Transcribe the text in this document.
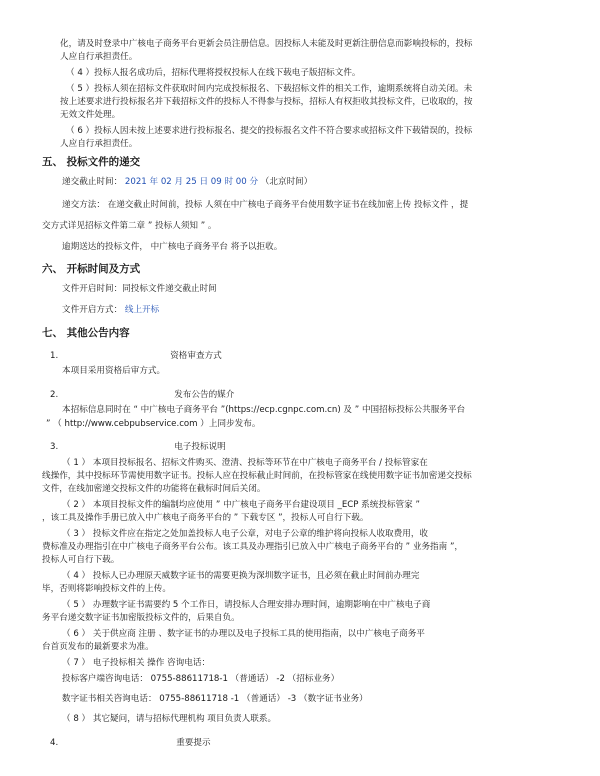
化，请及时登录中广核电子商务平台更新会员注册信息。因投标人未能及时更新注册信息而影响投标的，投标
人应自行承担责任。
（ 4 ）投标人报名成功后，招标代理将授权投标人在线下载电子版招标文件。
（ 5 ）投标人须在招标文件获取时间内完成投标报名、下载招标文件的相关工作，逾期系统将自动关闭。未
按上述要求进行投标报名并下载招标文件的投标人不得参与投标，招标人有权拒收其投标文件，已收取的，按
无效文件处理。
（ 6 ）投标人因未按上述要求进行投标报名、提交的投标报名文件不符合要求或招标文件下载错误的，投标
人应自行承担责任。
五、 投标文件的递交
递交截止时间： 2021 年 02 月 25 日 09 时 00 分 （北京时间）
递交方法： 在递交截止时间前，投标 人须在中广核电子商务平台使用数字证书在线加密上传 投标文件 ，提
交方式详见招标文件第二章 ” 投标人须知 ” 。
逾期送达的投标文件， 中广核电子商务平台 将予以拒收。
六、 开标时间及方式
文件开启时间：同投标文件递交截止时间
文件开启方式： 线上开标
七、 其他公告内容
1.	资格审查方式
本项目采用资格后审方式。
2.	发布公告的媒介
本招标信息同时在 “ 中广核电子商务平台 ”(https://ecp.cgnpc.com.cn) 及 ” 中国招标投标公共服务平台
” （ http://www.cebpubservice.com ）上同步发布。
3.	电子投标说明
（ 1 ） 本项目投标报名、招标文件购买、澄清、投标等环节在中广核电子商务平台 / 投标管家在
线操作，其中投标环节需使用数字证书。投标人应在投标截止时间前，在投标管家在线使用数字证书加密递交投标
文件，在线加密递交投标文件的功能将在截标时间后关闭。
（ 2 ） 本项目投标文件的编制均应使用 ” 中广核电子商务平台建设项目 _ECP 系统投标管家 ”
，该工具及操作手册已放入中广核电子商务平台的 ” 下载专区 ”，投标人可自行下载。
（ 3 ） 投标文件应在指定之处加盖投标人电子公章，对电子公章的维护将向投标人收取费用，收
费标准及办理指引在中广核电子商务平台公布。该工具及办理指引已放入中广核电子商务平台的 ” 业务指南 ”，
投标人可自行下载。
（ 4 ） 投标人已办理原天威数字证书的需要更换为深圳数字证书，且必须在截止时间前办理完
毕，否则将影响投标文件的上传。
（ 5 ） 办理数字证书需要约 5 个工作日，请投标人合理安排办理时间，逾期影响在中广核电子商
务平台递交数字证书加密版投标文件的，后果自负。
（ 6 ） 关于供应商 注册 、数字证书的办理以及电子投标工具的使用指南，以中广核电子商务平
台首页发布的最新要求为准。
（ 7 ） 电子投标相关 操作 咨询电话：
投标客户端咨询电话： 0755-88611718-1 （普通话） -2 （招标业务）
数字证书相关咨询电话： 0755-88611718 -1 （普通话） -3 （数字证书业务）
（ 8 ） 其它疑问，请与招标代理机构 项目负责人联系。
4.	重要提示
